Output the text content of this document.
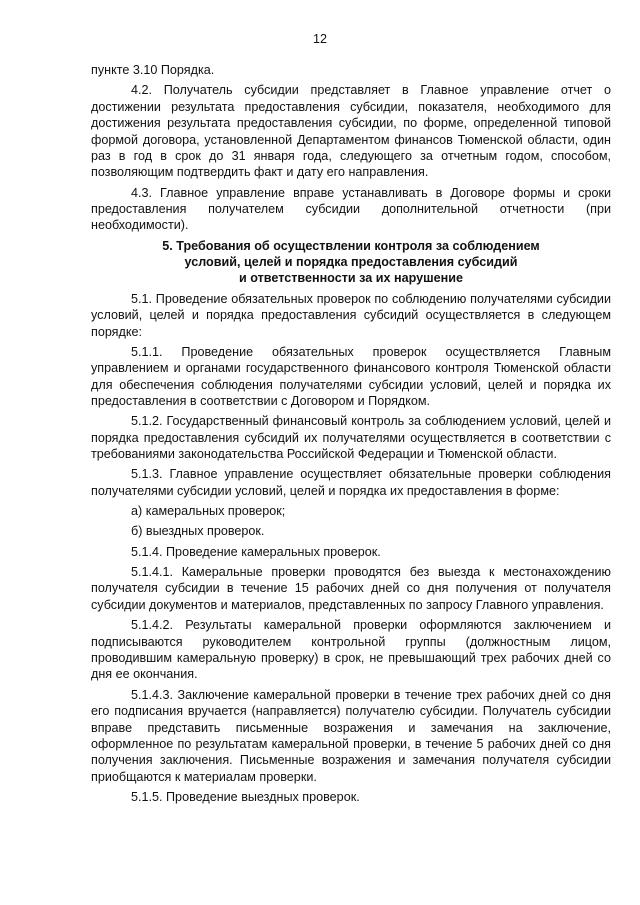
12

пункте 3.10 Порядка.

4.2. Получатель субсидии представляет в Главное управление отчет о достижении результата предоставления субсидии, показателя, необходимого для достижения результата предоставления субсидии, по форме, определенной типовой формой договора, установленной Департаментом финансов Тюменской области, один раз в год в срок до 31 января года, следующего за отчетным годом, способом, позволяющим подтвердить факт и дату его направления.

4.3. Главное управление вправе устанавливать в Договоре формы и сроки предоставления получателем субсидии дополнительной отчетности (при необходимости).

5. Требования об осуществлении контроля за соблюдением
условий, целей и порядка предоставления субсидий
и ответственности за их нарушение

5.1. Проведение обязательных проверок по соблюдению получателями субсидии условий, целей и порядка предоставления субсидий осуществляется в следующем порядке:

5.1.1. Проведение обязательных проверок осуществляется Главным управлением и органами государственного финансового контроля Тюменской области для обеспечения соблюдения получателями субсидии условий, целей и порядка их предоставления в соответствии с Договором и Порядком.

5.1.2. Государственный финансовый контроль за соблюдением условий, целей и порядка предоставления субсидий их получателями осуществляется в соответствии с требованиями законодательства Российской Федерации и Тюменской области.

5.1.3. Главное управление осуществляет обязательные проверки соблюдения получателями субсидии условий, целей и порядка их предоставления в форме:

а) камеральных проверок;

б) выездных проверок.

5.1.4. Проведение камеральных проверок.

5.1.4.1. Камеральные проверки проводятся без выезда к местонахождению получателя субсидии в течение 15 рабочих дней со дня получения от получателя субсидии документов и материалов, представленных по запросу Главного управления.

5.1.4.2. Результаты камеральной проверки оформляются заключением и подписываются руководителем контрольной группы (должностным лицом, проводившим камеральную проверку) в срок, не превышающий трех рабочих дней со дня ее окончания.

5.1.4.3. Заключение камеральной проверки в течение трех рабочих дней со дня его подписания вручается (направляется) получателю субсидии. Получатель субсидии вправе представить письменные возражения и замечания на заключение, оформленное по результатам камеральной проверки, в течение 5 рабочих дней со дня получения заключения. Письменные возражения и замечания получателя субсидии приобщаются к материалам проверки.

5.1.5. Проведение выездных проверок.
